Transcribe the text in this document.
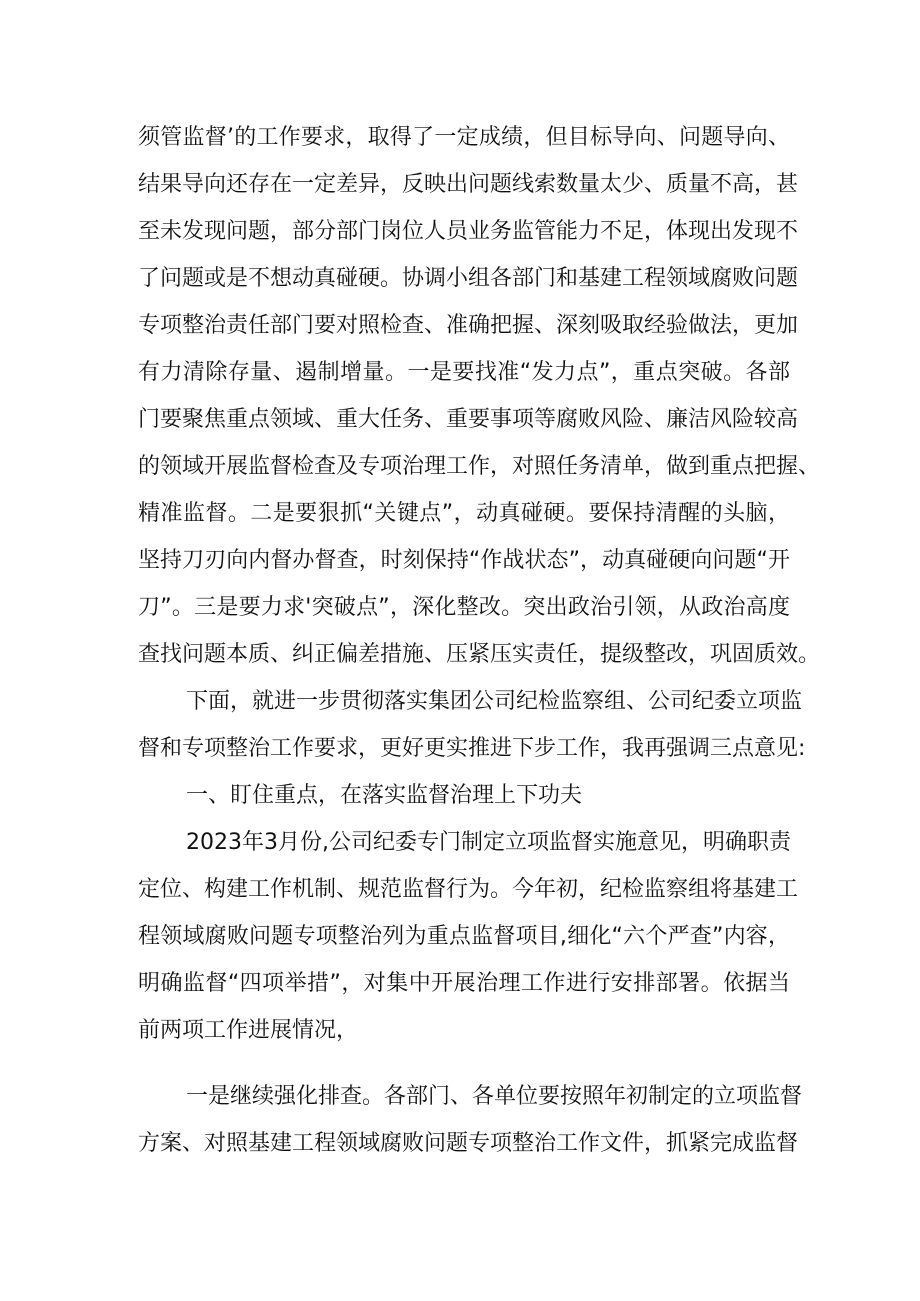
须管监督’的工作要求，取得了一定成绩，但目标导向、问题导向、
结果导向还存在一定差异，反映出问题线索数量太少、质量不高，甚
至未发现问题，部分部门岗位人员业务监管能力不足，体现出发现不
了问题或是不想动真碰硬。协调小组各部门和基建工程领域腐败问题
专项整治责任部门要对照检查、准确把握、深刻吸取经验做法，更加
有力清除存量、遏制增量。一是要找准“发力点”，重点突破。各部
门要聚焦重点领域、重大任务、重要事项等腐败风险、廉洁风险较高
的领域开展监督检查及专项治理工作，对照任务清单，做到重点把握、
精准监督。二是要狠抓“关键点”，动真碰硬。要保持清醒的头脑，
坚持刀刃向内督办督查，时刻保持“作战状态”，动真碰硬向问题“开
刀”。三是要力求'突破点”，深化整改。突出政治引领，从政治高度
查找问题本质、纠正偏差措施、压紧压实责任，提级整改，巩固质效。
下面，就进一步贯彻落实集团公司纪检监察组、公司纪委立项监
督和专项整治工作要求，更好更实推进下步工作，我再强调三点意见:
一、盯住重点，在落实监督治理上下功夫
2023年3月份,公司纪委专门制定立项监督实施意见，明确职责
定位、构建工作机制、规范监督行为。今年初，纪检监察组将基建工
程领域腐败问题专项整治列为重点监督项目,细化“六个严查”内容，
明确监督“四项举措”，对集中开展治理工作进行安排部署。依据当
前两项工作进展情况，
一是继续强化排查。各部门、各单位要按照年初制定的立项监督
方案、对照基建工程领域腐败问题专项整治工作文件，抓紧完成监督
